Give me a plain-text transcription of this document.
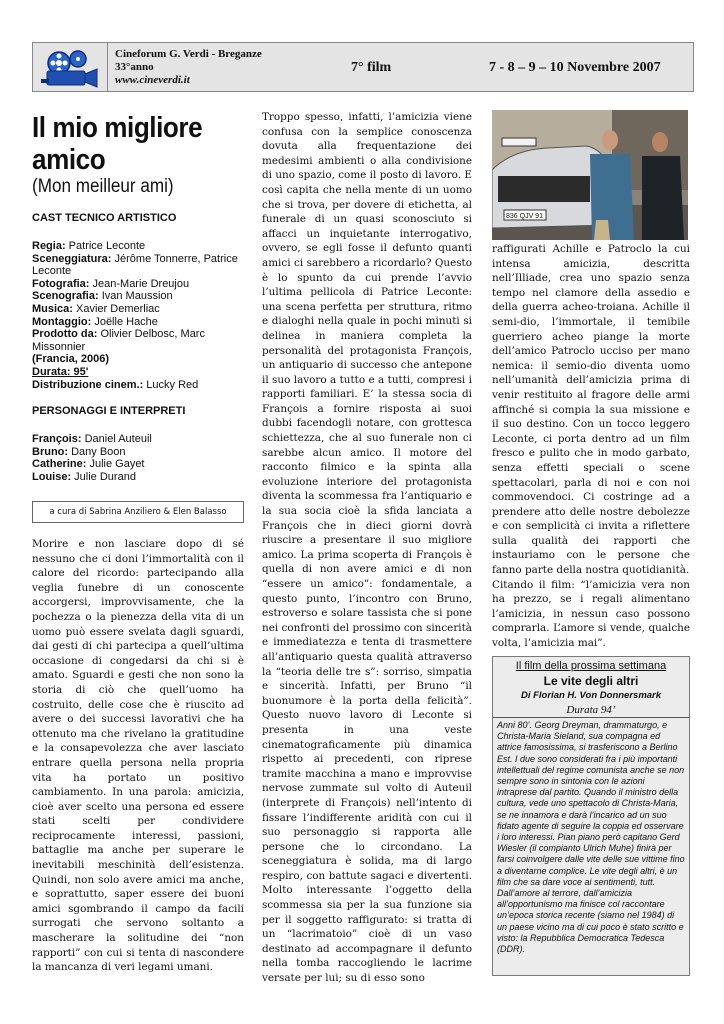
Cineforum G. Verdi - Breganze
33°anno
www.cineverdi.it
7° film	7 - 8 – 9 – 10 Novembre 2007
Il mio migliore
amico
(Mon meilleur ami)
CAST TECNICO ARTISTICO
Regia: Patrice Leconte
Sceneggiatura: Jérôme Tonnerre, Patrice Leconte
Fotografia: Jean-Marie Dreujou
Scenografia: Ivan Maussion
Musica: Xavier Demerliac
Montaggio: Joëlle Hache
Prodotto da: Olivier Delbosc, Marc Missonnier
(Francia, 2006)
Durata: 95'
Distribuzione cinem.: Lucky Red
PERSONAGGI E INTERPRETI
François: Daniel Auteuil
Bruno: Dany Boon
Catherine: Julie Gayet
Louise: Julie Durand
a cura di Sabrina Anziliero & Elen Balasso

Morire e non lasciare dopo di sé nessuno che ci doni l’immortalità con il calore del ricordo: partecipando alla veglia funebre di un conoscente accorgersi, improvvisamente, che la pochezza o la pienezza della vita di un uomo può essere svelata dagli sguardi, dai gesti di chi partecipa a quell’ultima occasione di congedarsi da chi si è amato. Sguardi e gesti che non sono la storia di ciò che quell’uomo ha costruito, delle cose che è riuscito ad avere o dei successi lavorativi che ha ottenuto ma che rivelano la gratitudine e la consapevolezza che aver lasciato entrare quella persona nella propria vita ha portato un positivo cambiamento. In una parola: amicizia, cioè aver scelto una persona ed essere stati scelti per condividere reciprocamente interessi, passioni, battaglie ma anche per superare le inevitabili meschinità dell’esistenza. Quindi, non solo avere amici ma anche, e soprattutto, saper essere dei buoni amici sgombrando il campo da facili surrogati che servono soltanto a mascherare la solitudine dei “non rapporti” con cui si tenta di nascondere la mancanza di veri legami umani.

Troppo spesso, infatti, l’amicizia viene confusa con la semplice conoscenza dovuta alla frequentazione dei medesimi ambienti o alla condivisione di uno spazio, come il posto di lavoro. E così capita che nella mente di un uomo che si trova, per dovere di etichetta, al funerale di un quasi sconosciuto si affacci un inquietante interrogativo, ovvero, se egli fosse il defunto quanti amici ci sarebbero a ricordarlo? Questo è lo spunto da cui prende l’avvio l’ultima pellicola di Patrice Leconte: una scena perfetta per struttura, ritmo e dialoghi nella quale in pochi minuti si delinea in maniera completa la personalità del protagonista François, un antiquario di successo che antepone il suo lavoro a tutto e a tutti, compresi i rapporti familiari. E’ la stessa socia di François a fornire risposta ai suoi dubbi facendogli notare, con grottesca schiettezza, che al suo funerale non ci sarebbe alcun amico. Il motore del racconto filmico e la spinta alla evoluzione interiore del protagonista diventa la scommessa fra l’antiquario e la sua socia cioè la sfida lanciata a François che in dieci giorni dovrà riuscire a presentare il suo migliore amico. La prima scoperta di François è quella di non avere amici e di non “essere un amico”: fondamentale, a questo punto, l’incontro con Bruno, estroverso e solare tassista che si pone nei confronti del prossimo con sincerità e immediatezza e tenta di trasmettere all’antiquario questa qualità attraverso la “teoria delle tre s”: sorriso, simpatia e sincerità. Infatti, per Bruno “il buonumore è la porta della felicità”. Questo nuovo lavoro di Leconte si presenta in una veste cinematograficamente più dinamica rispetto ai precedenti, con riprese tramite macchina a mano e improvvise nervose zummate sul volto di Auteuil (interprete di François) nell’intento di fissare l’indifferente aridità con cui il suo personaggio si rapporta alle persone che lo circondano. La sceneggiatura è solida, ma di largo respiro, con battute sagaci e divertenti. Molto interessante l’oggetto della scommessa sia per la sua funzione sia per il soggetto raffigurato: si tratta di un “lacrimatoio” cioè di un vaso destinato ad accompagnare il defunto nella tomba raccogliendo le lacrime versate per lui; su di esso sono

836 QJV 91

raffigurati Achille e Patroclo la cui intensa amicizia, descritta nell’Illiade, crea uno spazio senza tempo nel clamore della assedio e della guerra acheo-troiana. Achille il semi-dio, l’immortale, il temibile guerriero acheo piange la morte dell’amico Patroclo ucciso per mano nemica: il semio-dio diventa uomo nell’umanità dell’amicizia prima di venir restituito al fragore delle armi affinché si compia la sua missione e il suo destino. Con un tocco leggero Leconte, ci porta dentro ad un film fresco e pulito che in modo garbato, senza effetti speciali o scene spettacolari, parla di noi e con noi commovendoci. Ci costringe ad a prendere atto delle nostre debolezze e con semplicità ci invita a riflettere sulla qualità dei rapporti che instauriamo con le persone che fanno parte della nostra quotidianità.

Citando il film: “l’amicizia vera non ha prezzo, se i regali alimentano l’amicizia, in nessun caso possono comprarla. L’amore si vende, qualche volta, l’amicizia mai”.

Il film della prossima settimana
Le vite degli altri
Di Florian H. Von Donnersmark
Durata 94’
Anni 80’. Georg Dreyman, drammaturgo, e Christa-Maria Sieland, sua compagna ed attrice famosissima, si trasferiscono a Berlino Est. I due sono considerati fra i più importanti intellettuali del regime comunista anche se non sempre sono in sintonia con le azioni intraprese dal partito. Quando il ministro della cultura, vede uno spettacolo di Christa-Maria, se ne innamora e darà l’incarico ad un suo fidato agente di seguire la coppia ed osservare i loro interessi. Pian piano però capitano Gerd Wiesler (il compianto Ulrich Muhe) finirà per farsi coinvolgere dalle vite delle sue vittime fino a diventarne complice. Le vite degli altri, è un film che sa dare voce ai sentimenti, tutt. Dall’amore al terrore, dall’amicizia all’opportunismo ma finisce col raccontare un’epoca storica recente (siamo nel 1984) di un paese vicino ma di cui poco è stato scritto e visto: la Repubblica Democratica Tedesca (DDR).
